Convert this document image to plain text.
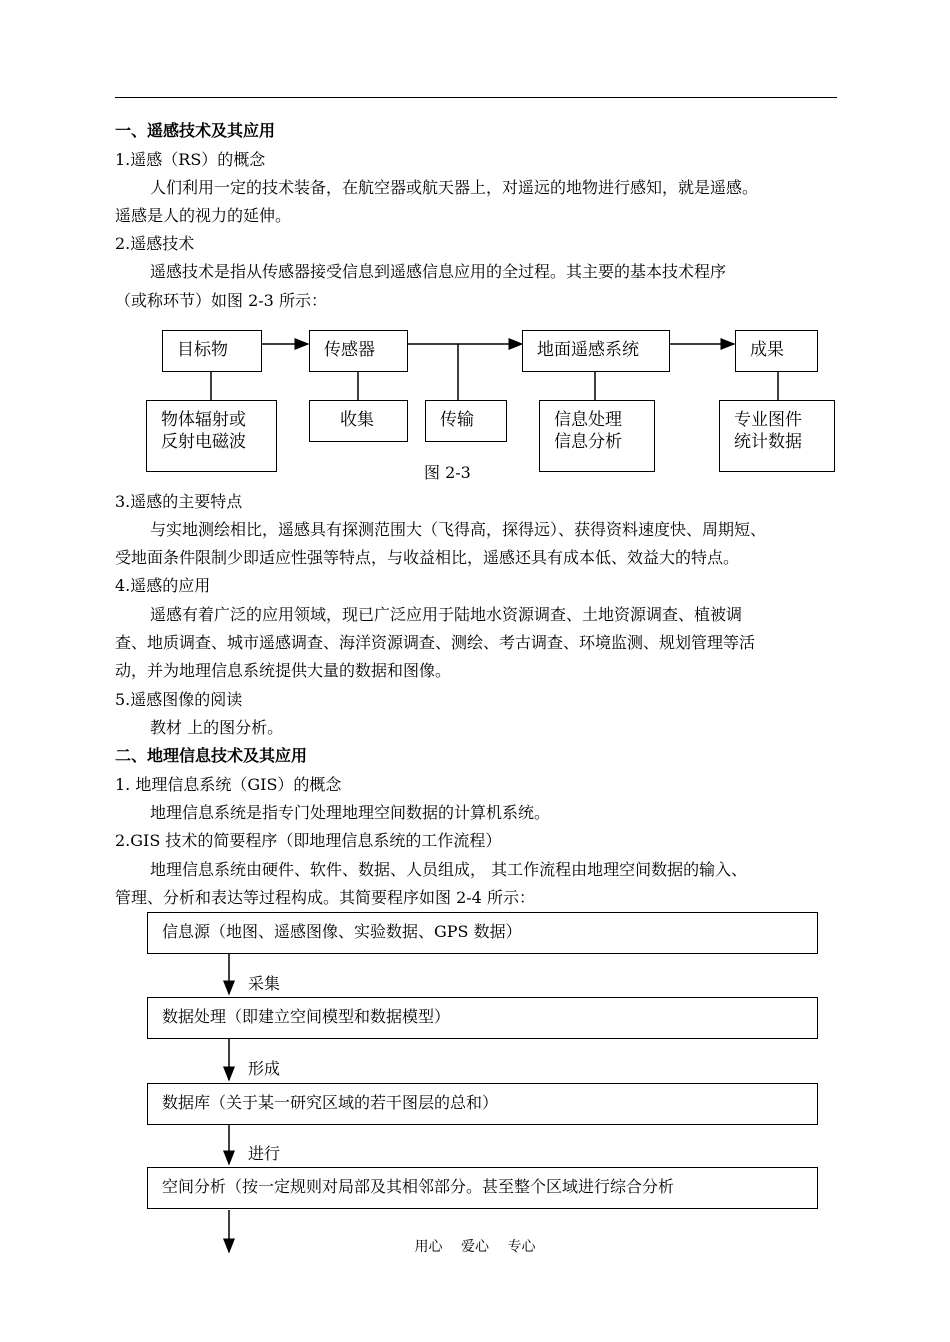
一、遥感技术及其应用
1.遥感（RS）的概念
人们利用一定的技术装备，在航空器或航天器上，对遥远的地物进行感知，就是遥感。
遥感是人的视力的延伸。
2.遥感技术
遥感技术是指从传感器接受信息到遥感信息应用的全过程。其主要的基本技术程序
（或称环节）如图 2-3 所示：
目标物	传感器	地面遥感系统	成果
物体辐射或
反射电磁波
收集	传输	信息处理
信息分析
专业图件
统计数据
图 2-3
3.遥感的主要特点
与实地测绘相比，遥感具有探测范围大（飞得高，探得远）、获得资料速度快、周期短、
受地面条件限制少即适应性强等特点，与收益相比，遥感还具有成本低、效益大的特点。
4.遥感的应用
遥感有着广泛的应用领域，现已广泛应用于陆地水资源调查、土地资源调查、植被调
查、地质调查、城市遥感调查、海洋资源调查、测绘、考古调查、环境监测、规划管理等活
动，并为地理信息系统提供大量的数据和图像。
5.遥感图像的阅读
教材 上的图分析。
二、地理信息技术及其应用
1. 地理信息系统（GIS）的概念
地理信息系统是指专门处理地理空间数据的计算机系统。
2.GIS 技术的简要程序（即地理信息系统的工作流程）
地理信息系统由硬件、软件、数据、人员组成， 其工作流程由地理空间数据的输入、
管理、分析和表达等过程构成。其简要程序如图 2-4 所示：
信息源（地图、遥感图像、实验数据、GPS 数据）
采集
数据处理（即建立空间模型和数据模型）
形成
数据库（关于某一研究区域的若干图层的总和）
进行
空间分析（按一定规则对局部及其相邻部分。甚至整个区域进行综合分析
用心 爱心 专心
